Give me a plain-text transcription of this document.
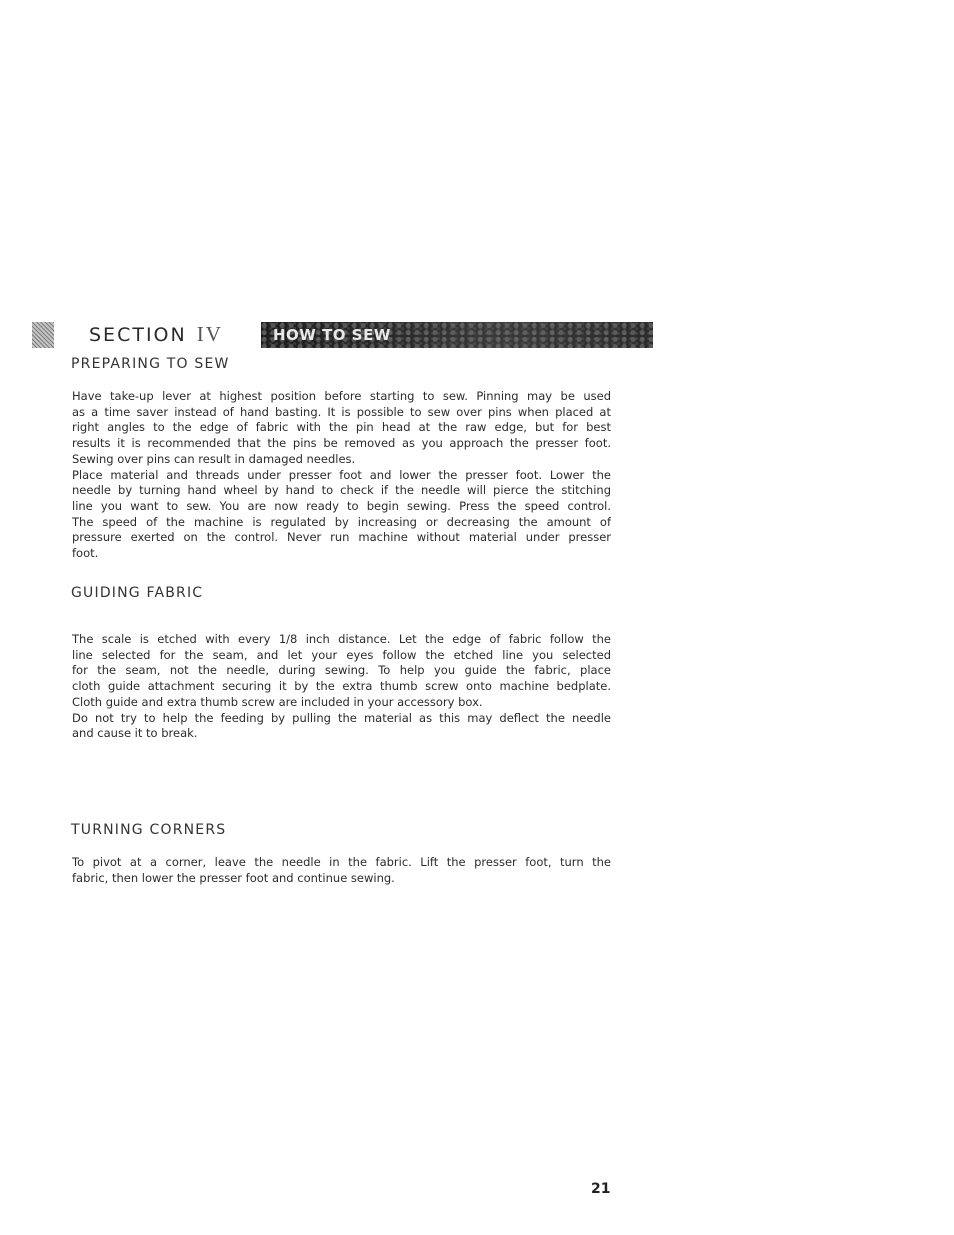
SECTION IV	HOW TO SEW
PREPARING TO SEW

Have take-up lever at highest position before starting to sew. Pinning may be used
as a time saver instead of hand basting. It is possible to sew over pins when placed at
right angles to the edge of fabric with the pin head at the raw edge, but for best
results it is recommended that the pins be removed as you approach the presser foot.
Sewing over pins can result in damaged needles.
Place material and threads under presser foot and lower the presser foot. Lower the
needle by turning hand wheel by hand to check if the needle will pierce the stitching
line you want to sew. You are now ready to begin sewing. Press the speed control.
The speed of the machine is regulated by increasing or decreasing the amount of
pressure exerted on the control. Never run machine without material under presser
foot.

GUIDING FABRIC

The scale is etched with every 1/8 inch distance. Let the edge of fabric follow the
line selected for the seam, and let your eyes follow the etched line you selected
for the seam, not the needle, during sewing. To help you guide the fabric, place
cloth guide attachment securing it by the extra thumb screw onto machine bedplate.
Cloth guide and extra thumb screw are included in your accessory box.
Do not try to help the feeding by pulling the material as this may deflect the needle
and cause it to break.

TURNING CORNERS

To pivot at a corner, leave the needle in the fabric. Lift the presser foot, turn the
fabric, then lower the presser foot and continue sewing.

21
